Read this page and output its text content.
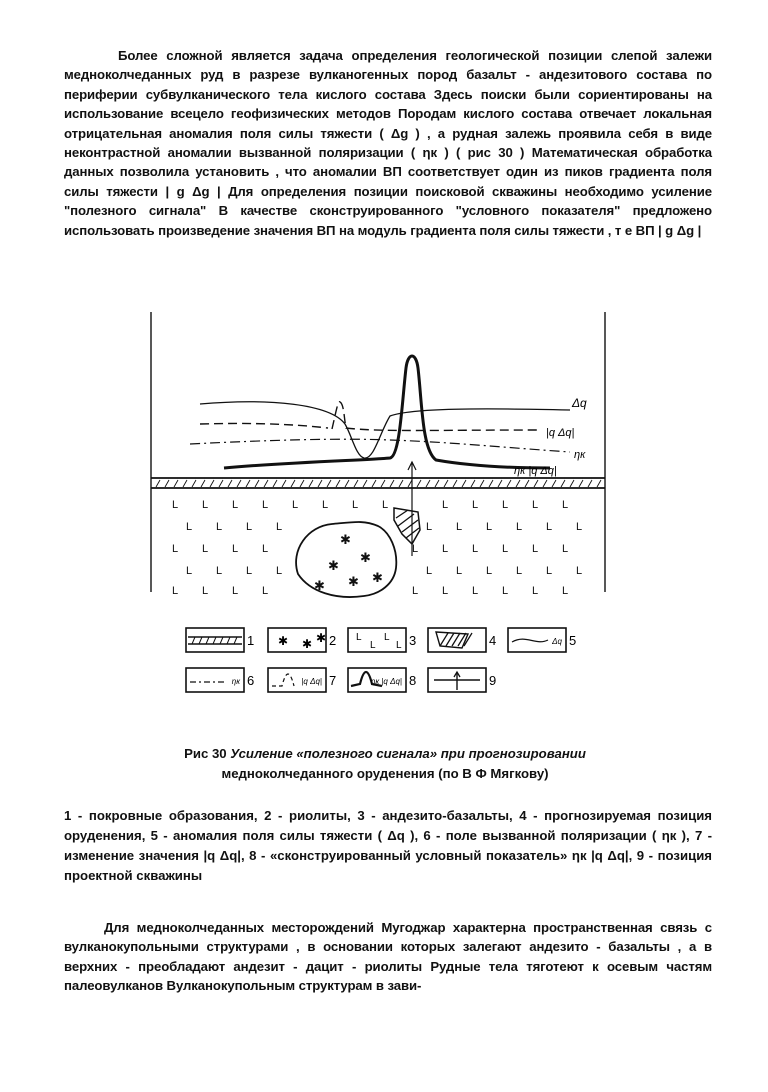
Более сложной является задача определения геологической позиции слепой залежи медноколчеданных руд в разрезе вулканогенных пород базальт - андезитового состава по периферии субвулканического тела кислого состава Здесь поиски были сориентированы на использование всецело геофизических методов Породам кислого состава отвечает локальная отрицательная аномалия поля силы тяжести ( Δg ) , а рудная залежь проявила себя в виде неконтрастной аномалии вызванной поляризации ( ηк ) ( рис 30 ) Математическая обработка данных позволила установить , что аномалии ВП соответствует один из пиков градиента поля силы тяжести | g Δg | Для определения позиции поисковой скважины необходимо усиление "полезного сигнала" В качестве сконструированного "условного показателя" предложено использовать произведение значения ВП на модуль градиента поля силы тяжести , т е ВП | g Δg |

Δq
|q Δq|
ηк
ηк |q Δq|
L L L L L L L L	L L L L L
L L L L	L L L L L L
L L L L	L L L L L L
L L L L	L L L L L L
L L L L	L L L L L L
✱
✱
✱
✱ ✱ ✱
1 ✱ ✱ ✱ 2 L
L
L
L 3	4	Δq 5
ηк 6	|q Δq| 7	ηк |q Δq| 8	9
Рис 30 Усиление «полезного сигнала» при прогнозировании
медноколчеданного оруденения (по В Ф Мягкову)
1 - покровные образования, 2 - риолиты, 3 - андезито-базальты, 4 - прогнозируемая позиция оруденения, 5 - аномалия поля силы тяжести ( Δq ), 6 - поле вызванной поляризации ( ηк ), 7 - изменение значения |q Δq|, 8 - «сконструированный условный показатель» ηк |q Δq|, 9 - позиция проектной скважины

Для медноколчеданных месторождений Мугоджар характерна пространственная связь с вулканокупольными структурами , в основании которых залегают андезито - базальты , а в верхних - преобладают андезит - дацит - риолиты Рудные тела тяготеют к осевым частям палеовулканов Вулканокупольным структурам в зави-
